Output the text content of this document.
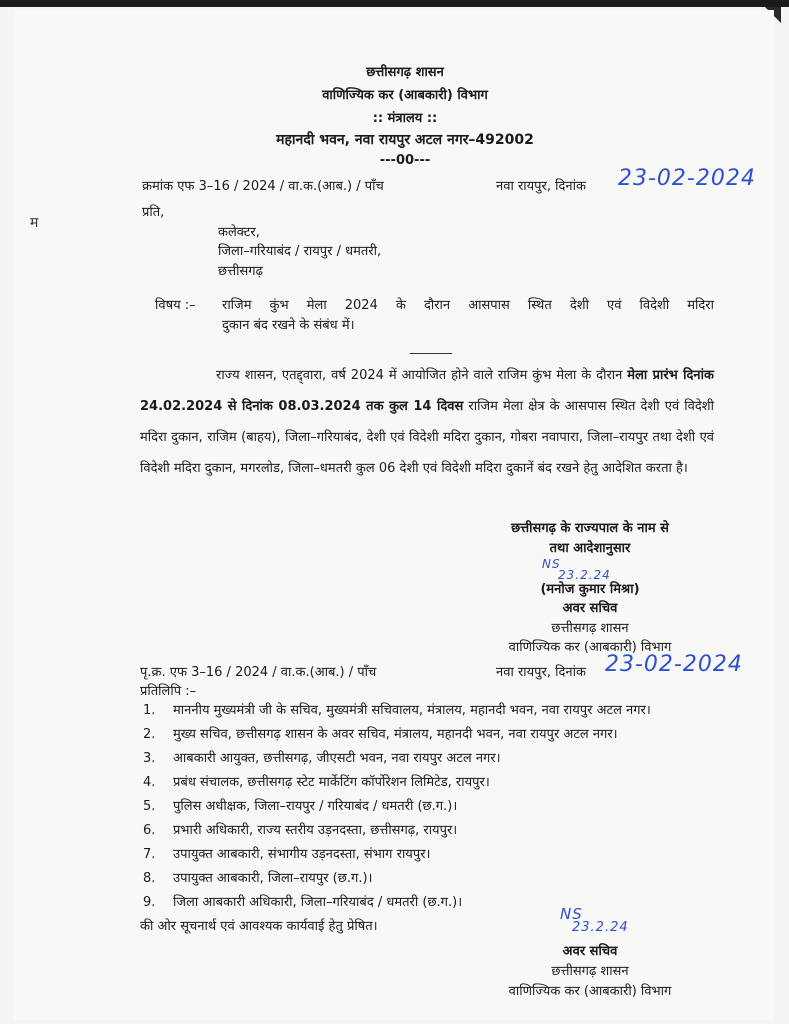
म
छत्तीसगढ़ शासन
वाणिज्यिक कर (आबकारी) विभाग
:: मंत्रालय ::
महानदी भवन, नवा रायपुर अटल नगर–492002
---00---
क्रमांक एफ 3–16 / 2024 / वा.क.(आब.) / पाँच	नवा रायपुर, दिनांक 23-02-2024
प्रति,
कलेक्टर,
जिला–गरियाबंद / रायपुर / धमतरी,
छत्तीसगढ़
विषय :– राजिम कुंभ मेला 2024 के दौरान आसपास स्थित देशी एवं विदेशी मदिरा
दुकान बंद रखने के संबंध में।
राज्य शासन, एतद्द्वारा, वर्ष 2024 में आयोजित होने वाले राजिम कुंभ मेला के दौरान मेला प्रारंभ दिनांक 24.02.2024 से दिनांक 08.03.2024 तक कुल 14 दिवस राजिम मेला क्षेत्र के आसपास स्थित देशी एवं विदेशी मदिरा दुकान, राजिम (बाहय), जिला–गरियाबंद, देशी एवं विदेशी मदिरा दुकान, गोबरा नवापारा, जिला–रायपुर तथा देशी एवं विदेशी मदिरा दुकान, मगरलोड, जिला–धमतरी कुल 06 देशी एवं विदेशी मदिरा दुकानें बंद रखने हेतु आदेशित करता है।
छत्तीसगढ़ के राज्यपाल के नाम से
तथा आदेशानुसार
NS
23.2.24
(मनोज कुमार मिश्रा)
अवर सचिव
छत्तीसगढ़ शासन
वाणिज्यिक कर (आबकारी) विभाग
पृ.क्र. एफ 3–16 / 2024 / वा.क.(आब.) / पाँच	नवा रायपुर, दिनांक 23-02-2024
प्रतिलिपि :–
1.	माननीय मुख्यमंत्री जी के सचिव, मुख्यमंत्री सचिवालय, मंत्रालय, महानदी भवन, नवा रायपुर अटल नगर।
2.	मुख्य सचिव, छत्तीसगढ़ शासन के अवर सचिव, मंत्रालय, महानदी भवन, नवा रायपुर अटल नगर।
3.	आबकारी आयुक्त, छत्तीसगढ़, जीएसटी भवन, नवा रायपुर अटल नगर।
4.	प्रबंध संचालक, छत्तीसगढ़ स्टेट मार्केटिंग कॉर्पोरेशन लिमिटेड, रायपुर।
5.	पुलिस अधीक्षक, जिला–रायपुर / गरियाबंद / धमतरी (छ.ग.)।
6.	प्रभारी अधिकारी, राज्य स्तरीय उड़नदस्ता, छत्तीसगढ़, रायपुर।
7.	उपायुक्त आबकारी, संभागीय उड़नदस्ता, संभाग रायपुर।
8.	उपायुक्त आबकारी, जिला–रायपुर (छ.ग.)।
9.	जिला आबकारी अधिकारी, जिला–गरियाबंद / धमतरी (छ.ग.)।
की ओर सूचनार्थ एवं आवश्यक कार्यवाई हेतु प्रेषित।
NS
23.2.24
अवर सचिव
छत्तीसगढ़ शासन
वाणिज्यिक कर (आबकारी) विभाग
